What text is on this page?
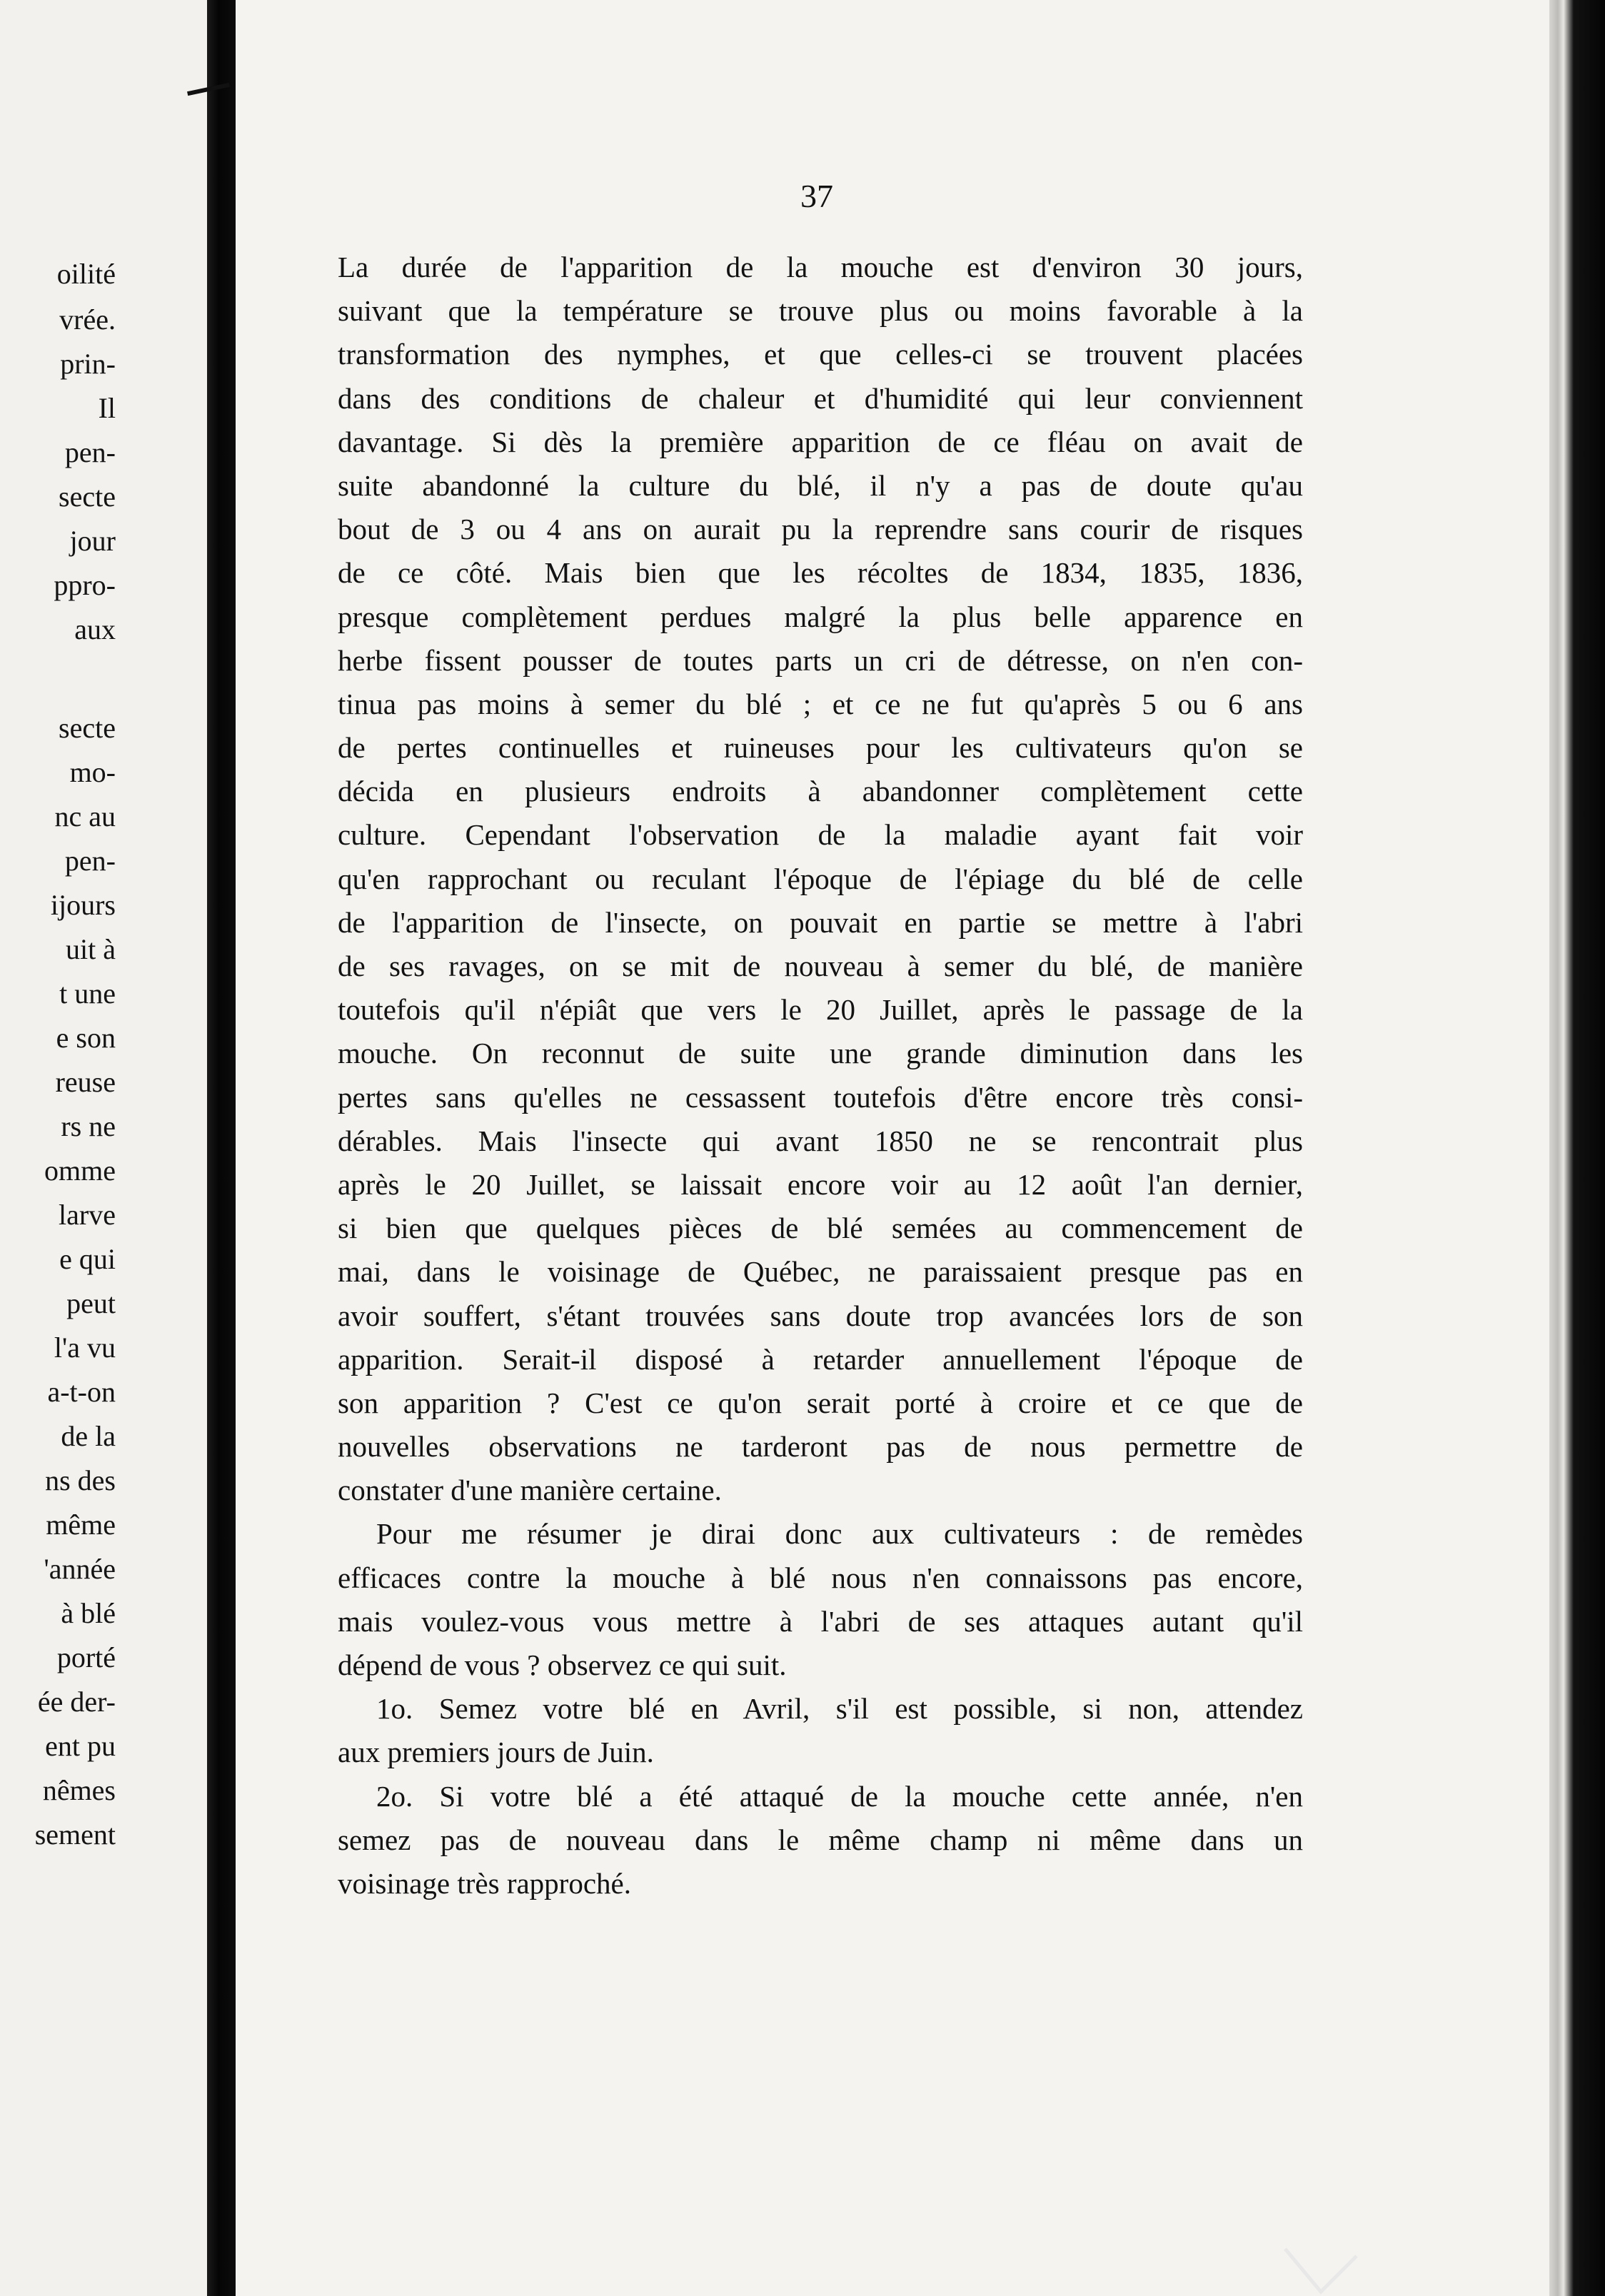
oilité
vrée.
prin-
Il
pen-
secte
jour
ppro-
aux
secte
mo-
nc au
pen-
ijours
uit à
t une
e son
reuse
rs ne
omme
larve
e qui
peut
l'a vu
a-t-on
de la
ns des
même
'année
à blé
porté
ée der-
ent pu
nêmes
sement
37
La durée de l'apparition de la mouche est d'environ 30 jours,
suivant que la température se trouve plus ou moins favorable à la
transformation des nymphes, et que celles-ci se trouvent placées
dans des conditions de chaleur et d'humidité qui leur conviennent
davantage. Si dès la première apparition de ce fléau on avait de
suite abandonné la culture du blé, il n'y a pas de doute qu'au
bout de 3 ou 4 ans on aurait pu la reprendre sans courir de risques
de ce côté. Mais bien que les récoltes de 1834, 1835, 1836,
presque complètement perdues malgré la plus belle apparence en
herbe fissent pousser de toutes parts un cri de détresse, on n'en con-
tinua pas moins à semer du blé ; et ce ne fut qu'après 5 ou 6 ans
de pertes continuelles et ruineuses pour les cultivateurs qu'on se
décida en plusieurs endroits à abandonner complètement cette
culture. Cependant l'observation de la maladie ayant fait voir
qu'en rapprochant ou reculant l'époque de l'épiage du blé de celle
de l'apparition de l'insecte, on pouvait en partie se mettre à l'abri
de ses ravages, on se mit de nouveau à semer du blé, de manière
toutefois qu'il n'épiât que vers le 20 Juillet, après le passage de la
mouche. On reconnut de suite une grande diminution dans les
pertes sans qu'elles ne cessassent toutefois d'être encore très consi-
dérables. Mais l'insecte qui avant 1850 ne se rencontrait plus
après le 20 Juillet, se laissait encore voir au 12 août l'an dernier,
si bien que quelques pièces de blé semées au commencement de
mai, dans le voisinage de Québec, ne paraissaient presque pas en
avoir souffert, s'étant trouvées sans doute trop avancées lors de son
apparition. Serait-il disposé à retarder annuellement l'époque de
son apparition ? C'est ce qu'on serait porté à croire et ce que de
nouvelles observations ne tarderont pas de nous permettre de
constater d'une manière certaine.
Pour me résumer je dirai donc aux cultivateurs : de remèdes
efficaces contre la mouche à blé nous n'en connaissons pas encore,
mais voulez-vous vous mettre à l'abri de ses attaques autant qu'il
dépend de vous ? observez ce qui suit.
1o. Semez votre blé en Avril, s'il est possible, si non, attendez
aux premiers jours de Juin.
2o. Si votre blé a été attaqué de la mouche cette année, n'en
semez pas de nouveau dans le même champ ni même dans un
voisinage très rapproché.
